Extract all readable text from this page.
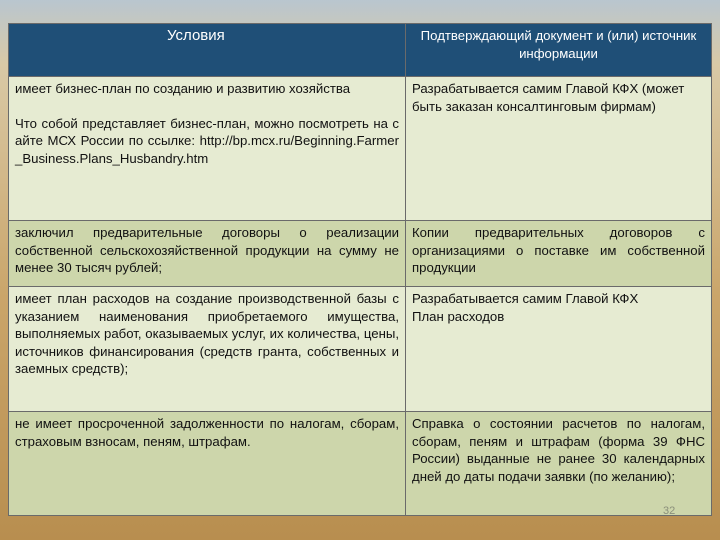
Условия	Подтверждающий документ и (или) источник информации

имеет бизнес-план по созданию и развитию хозяйства
Что собой представляет бизнес-план, можно посмотреть на сайте МСХ России по ссылке: http://bp.mcx.ru/Beginning.Farmer_Business.Plans_Husbandry.htm	Разрабатывается самим Главой КФХ (может быть заказан консалтинговым фирмам)

заключил предварительные договоры о реализации собственной сельскохозяйственной продукции на сумму не менее 30 тысяч рублей;	Копии предварительных договоров с организациями о поставке им собственной продукции

имеет план расходов на создание производственной базы с указанием наименования приобретаемого имущества, выполняемых работ, оказываемых услуг, их количества, цены, источников финансирования (средств гранта, собственных и заемных средств);	Разрабатывается самим Главой КФХ
План расходов

не имеет просроченной задолженности по налогам, сборам, страховым взносам, пеням, штрафам.	Справка о состоянии расчетов по налогам, сборам, пеням и штрафам (форма 39 ФНС России) выданные не ранее 30 календарных дней до даты подачи заявки (по желанию);
32
